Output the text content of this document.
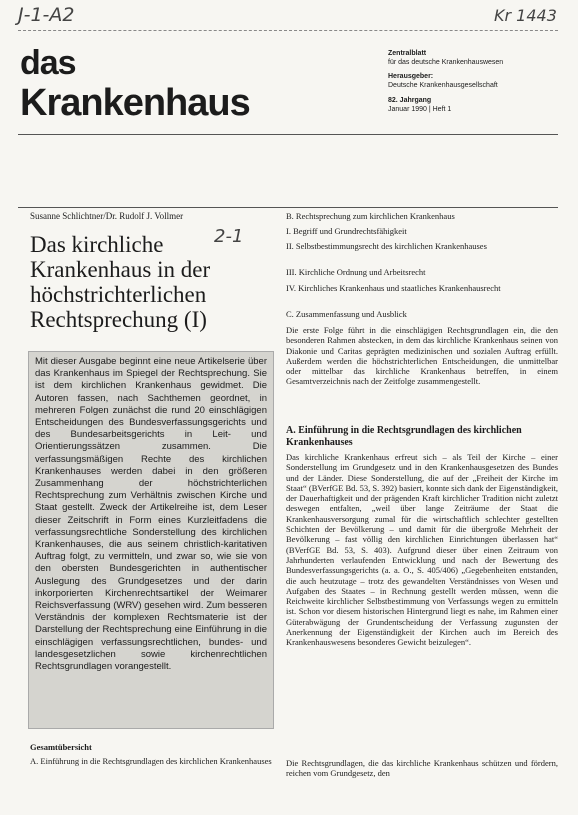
J-1-A2	Kr 1443
das
Krankenhaus
Zentralblatt
für das deutsche Krankenhauswesen
Herausgeber:
Deutsche Krankenhausgesellschaft
82. Jahrgang
Januar 1990 | Heft 1
Susanne Schlichtner/Dr. Rudolf J. Vollmer
2-1
Das kirchliche Krankenhaus in der höchstrichterlichen Rechtsprechung (I)
Mit dieser Ausgabe beginnt eine neue Artikelserie über das Krankenhaus im Spiegel der Rechtsprechung. Sie ist dem kirchlichen Krankenhaus gewidmet. Die Autoren fassen, nach Sachthemen geordnet, in mehreren Folgen zunächst die rund 20 einschlägigen Entscheidungen des Bundesverfassungsgerichts und des Bundesarbeitsgerichts in Leit- und Orientierungssätzen zusammen. Die verfassungsmäßigen Rechte des kirchlichen Krankenhauses werden dabei in den größeren Zusammenhang der höchstrichterlichen Rechtsprechung zum Verhältnis zwischen Kirche und Staat gestellt. Zweck der Artikelreihe ist, dem Leser dieser Zeitschrift in Form eines Kurzleitfadens die verfassungsrechtliche Sonderstellung des kirchlichen Krankenhauses, die aus seinem christlich-karitativen Auftrag folgt, zu vermitteln, und zwar so, wie sie von den obersten Bundesgerichten in authentischer Auslegung des Grundgesetzes und der darin inkorporierten Kirchenrechtsartikel der Weimarer Reichsverfassung (WRV) gesehen wird. Zum besseren Verständnis der komplexen Rechtsmaterie ist der Darstellung der Rechtsprechung eine Einführung in die einschlägigen verfassungsrechtlichen, bundes- und landesgesetzlichen sowie kirchenrechtlichen Rechtsgrundlagen vorangestellt.
Gesamtübersicht
A. Einführung in die Rechtsgrundlagen des kirchlichen Krankenhauses
B. Rechtsprechung zum kirchlichen Krankenhaus
I. Begriff und Grundrechtsfähigkeit
II. Selbstbestimmungsrecht des kirchlichen Krankenhauses
III. Kirchliche Ordnung und Arbeitsrecht
IV. Kirchliches Krankenhaus und staatliches Krankenhausrecht
C. Zusammenfassung und Ausblick
Die erste Folge führt in die einschlägigen Rechtsgrundlagen ein, die den besonderen Rahmen abstecken, in dem das kirchliche Krankenhaus seinen von Diakonie und Caritas geprägten medizinischen und sozialen Auftrag erfüllt. Außerdem werden die höchstrichterlichen Entscheidungen, die unmittelbar oder mittelbar das kirchliche Krankenhaus betreffen, in einem Gesamtverzeichnis nach der Zeitfolge zusammengestellt.
A. Einführung in die Rechtsgrundlagen des kirchlichen Krankenhauses
Das kirchliche Krankenhaus erfreut sich – als Teil der Kirche – einer Sonderstellung im Grundgesetz und in den Krankenhausgesetzen des Bundes und der Länder. Diese Sonderstellung, die auf der „Freiheit der Kirche im Staat“ (BVerfGE Bd. 53, S. 392) basiert, konnte sich dank der Eigenständigkeit, der Dauerhaftigkeit und der prägenden Kraft kirchlicher Tradition nicht zuletzt deswegen entfalten, „weil über lange Zeiträume der Staat die Krankenhausversorgung zumal für die wirtschaftlich schlechter gestellten Schichten der Bevölkerung – und damit für die übergroße Mehrheit der Bevölkerung – fast völlig den kirchlichen Einrichtungen überlassen hat“ (BVerfGE Bd. 53, S. 403). Aufgrund dieser über einen Zeitraum von Jahrhunderten verlaufenden Entwicklung und nach der Bewertung des Bundesverfassungsgerichts (a. a. O., S. 405/406) „Gegebenheiten entstanden, die auch heutzutage – trotz des gewandelten Verständnisses von Wesen und Aufgaben des Staates – in Rechnung gestellt werden müssen, wenn die Reichweite kirchlicher Selbstbestimmung von Verfassungs wegen zu ermitteln ist. Schon vor diesem historischen Hintergrund liegt es nahe, im Rahmen einer Güterabwägung der Grundentscheidung der Verfassung zugunsten der Anerkennung der Eigenständigkeit der Kirchen auch im Bereich des Krankenhauswesens besonderes Gewicht beizulegen“.
Die Rechtsgrundlagen, die das kirchliche Krankenhaus schützen und fördern, reichen vom Grundgesetz, den
